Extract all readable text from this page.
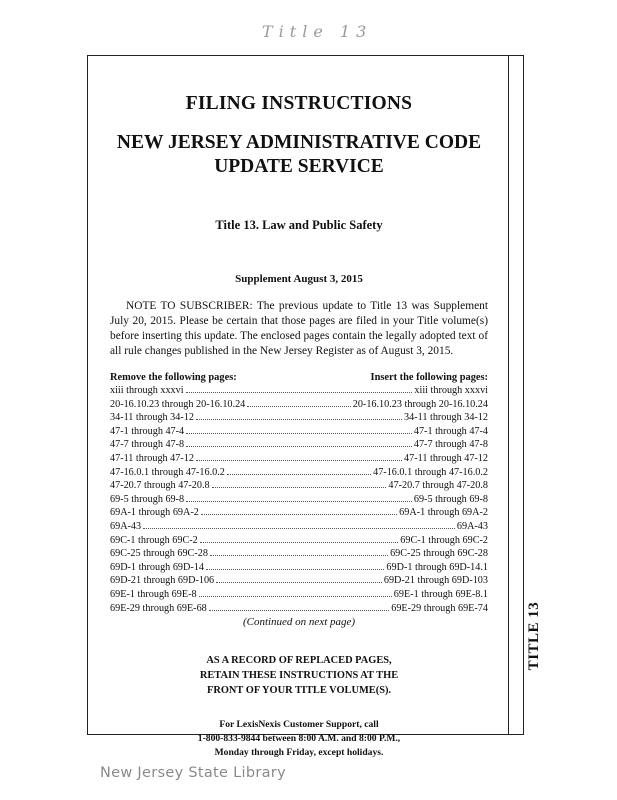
Title 13
TITLE 13
FILING INSTRUCTIONS
NEW JERSEY ADMINISTRATIVE CODE
UPDATE SERVICE
Title 13. Law and Public Safety
Supplement August 3, 2015
NOTE TO SUBSCRIBER: The previous update to Title 13 was Supplement July 20, 2015. Please be certain that those pages are filed in your Title volume(s) before inserting this update. The enclosed pages contain the legally adopted text of all rule changes published in the New Jersey Register as of August 3, 2015.
Remove the following pages:	Insert the following pages:
xiii through xxxvi	xiii through xxxvi
20-16.10.23 through 20-16.10.24	20-16.10.23 through 20-16.10.24
34-11 through 34-12	34-11 through 34-12
47-1 through 47-4	47-1 through 47-4
47-7 through 47-8	47-7 through 47-8
47-11 through 47-12	47-11 through 47-12
47-16.0.1 through 47-16.0.2	47-16.0.1 through 47-16.0.2
47-20.7 through 47-20.8	47-20.7 through 47-20.8
69-5 through 69-8	69-5 through 69-8
69A-1 through 69A-2	69A-1 through 69A-2
69A-43	69A-43
69C-1 through 69C-2	69C-1 through 69C-2
69C-25 through 69C-28	69C-25 through 69C-28
69D-1 through 69D-14	69D-1 through 69D-14.1
69D-21 through 69D-106	69D-21 through 69D-103
69E-1 through 69E-8	69E-1 through 69E-8.1
69E-29 through 69E-68	69E-29 through 69E-74
(Continued on next page)
AS A RECORD OF REPLACED PAGES,
RETAIN THESE INSTRUCTIONS AT THE
FRONT OF YOUR TITLE VOLUME(S).
For LexisNexis Customer Support, call
1-800-833-9844 between 8:00 A.M. and 8:00 P.M.,
Monday through Friday, except holidays.
New Jersey State Library
